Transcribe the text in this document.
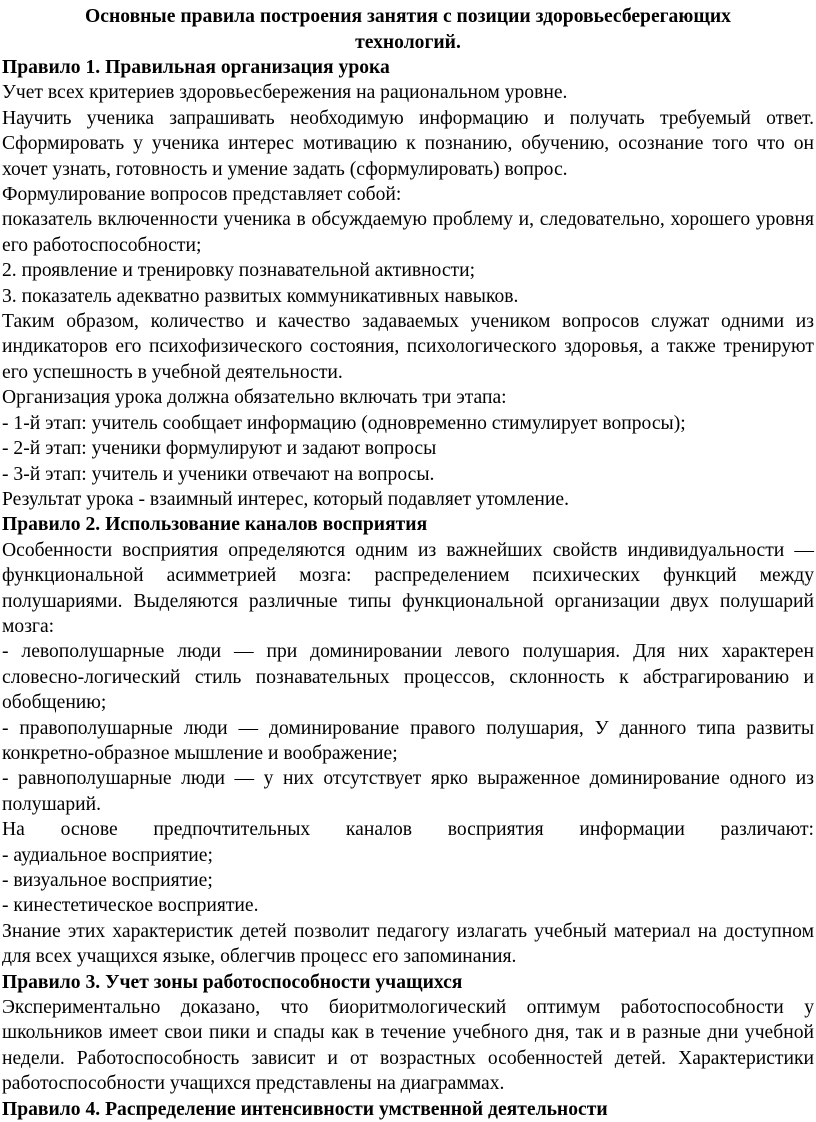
Основные правила построения занятия с позиции здоровьесберегающих технологий.

Правило 1. Правильная организация урока

Учет всех критериев здоровьесбережения на рациональном уровне.

Научить ученика запрашивать необходимую информацию и получать требуемый ответ. Сформировать у ученика интерес мотивацию к познанию, обучению, осознание того что он хочет узнать, готовность и умение задать (сформулировать) вопрос.

Формулирование вопросов представляет собой:

показатель включенности ученика в обсуждаемую проблему и, следовательно, хорошего уровня его работоспособности;

2. проявление и тренировку познавательной активности;

3. показатель адекватно развитых коммуникативных навыков.

Таким образом, количество и качество задаваемых учеником вопросов служат одними из индикаторов его психофизического состояния, психологического здоровья, а также тренируют его успешность в учебной деятельности.

Организация урока должна обязательно включать три этапа:

- 1-й этап: учитель сообщает информацию (одновременно стимулирует вопросы);

- 2-й этап: ученики формулируют и задают вопросы

- 3-й этап: учитель и ученики отвечают на вопросы.

Результат урока - взаимный интерес, который подавляет утомление.

Правило 2. Использование каналов восприятия

Особенности восприятия определяются одним из важнейших свойств индивидуальности — функциональной асимметрией мозга: распределением психических функций между полушариями. Выделяются различные типы функциональной организации двух полушарий мозга:

- левополушарные люди — при доминировании левого полушария. Для них характерен словесно-логический стиль познавательных процессов, склонность к абстрагированию и обобщению;

- правополушарные люди — доминирование правого полушария, У данного типа развиты конкретно-образное мышление и воображение;

- равнополушарные люди — у них отсутствует ярко выраженное доминирование одного из полушарий.

На основе предпочтительных каналов восприятия информации различают:

- аудиальное восприятие;

- визуальное восприятие;

- кинестетическое восприятие.

Знание этих характеристик детей позволит педагогу излагать учебный материал на доступном для всех учащихся языке, облегчив процесс его запоминания.

Правило 3. Учет зоны работоспособности учащихся

Экспериментально доказано, что биоритмологический оптимум работоспособности у школьников имеет свои пики и спады как в течение учебного дня, так и в разные дни учебной недели. Работоспособность зависит и от возрастных особенностей детей. Характеристики работоспособности учащихся представлены на диаграммах.

Правило 4. Распределение интенсивности умственной деятельности
